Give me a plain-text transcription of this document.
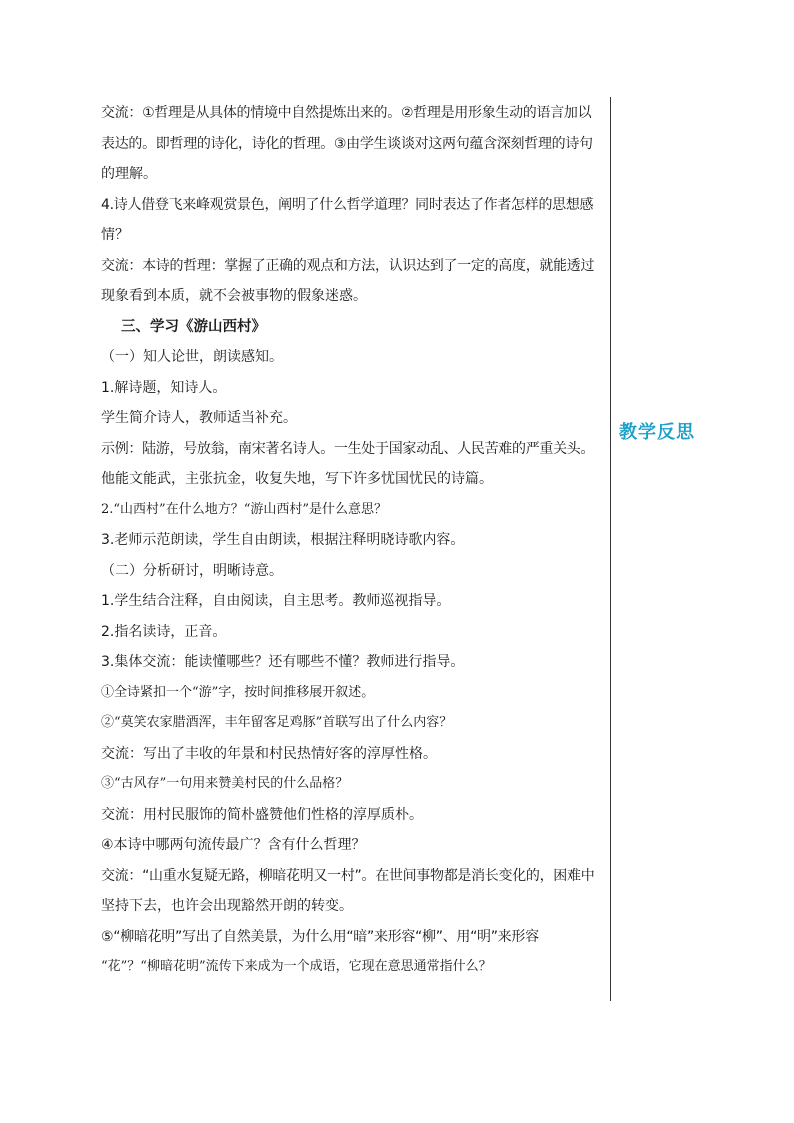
交流：①哲理是从具体的情境中自然提炼出来的。②哲理是用形象生动的语言加以
表达的。即哲理的诗化，诗化的哲理。③由学生谈谈对这两句蕴含深刻哲理的诗句
的理解。
4.诗人借登飞来峰观赏景色，阐明了什么哲学道理？同时表达了作者怎样的思想感
情？
交流：本诗的哲理：掌握了正确的观点和方法，认识达到了一定的高度，就能透过
现象看到本质，就不会被事物的假象迷惑。
三、学习《游山西村》
（一）知人论世，朗读感知。
1.解诗题，知诗人。
学生简介诗人，教师适当补充。
示例：陆游，号放翁，南宋著名诗人。一生处于国家动乱、人民苦难的严重关头。
他能文能武，主张抗金，收复失地，写下许多忧国忧民的诗篇。
2.“山西村”在什么地方？“游山西村”是什么意思？
3.老师示范朗读，学生自由朗读，根据注释明晓诗歌内容。
（二）分析研讨，明晰诗意。
1.学生结合注释，自由阅读，自主思考。教师巡视指导。
2.指名读诗，正音。
3.集体交流：能读懂哪些？还有哪些不懂？教师进行指导。
①全诗紧扣一个“游”字，按时间推移展开叙述。
②“莫笑农家腊酒浑，丰年留客足鸡豚”首联写出了什么内容？
交流：写出了丰收的年景和村民热情好客的淳厚性格。
③“古风存”一句用来赞美村民的什么品格？
交流：用村民服饰的简朴盛赞他们性格的淳厚质朴。
④本诗中哪两句流传最广？含有什么哲理？
交流：“山重水复疑无路，柳暗花明又一村”。在世间事物都是消长变化的，困难中
坚持下去，也许会出现豁然开朗的转变。
⑤“柳暗花明”写出了自然美景，为什么用“暗”来形容“柳”、用“明”来形容
“花”？“柳暗花明”流传下来成为一个成语，它现在意思通常指什么？
教学反思
